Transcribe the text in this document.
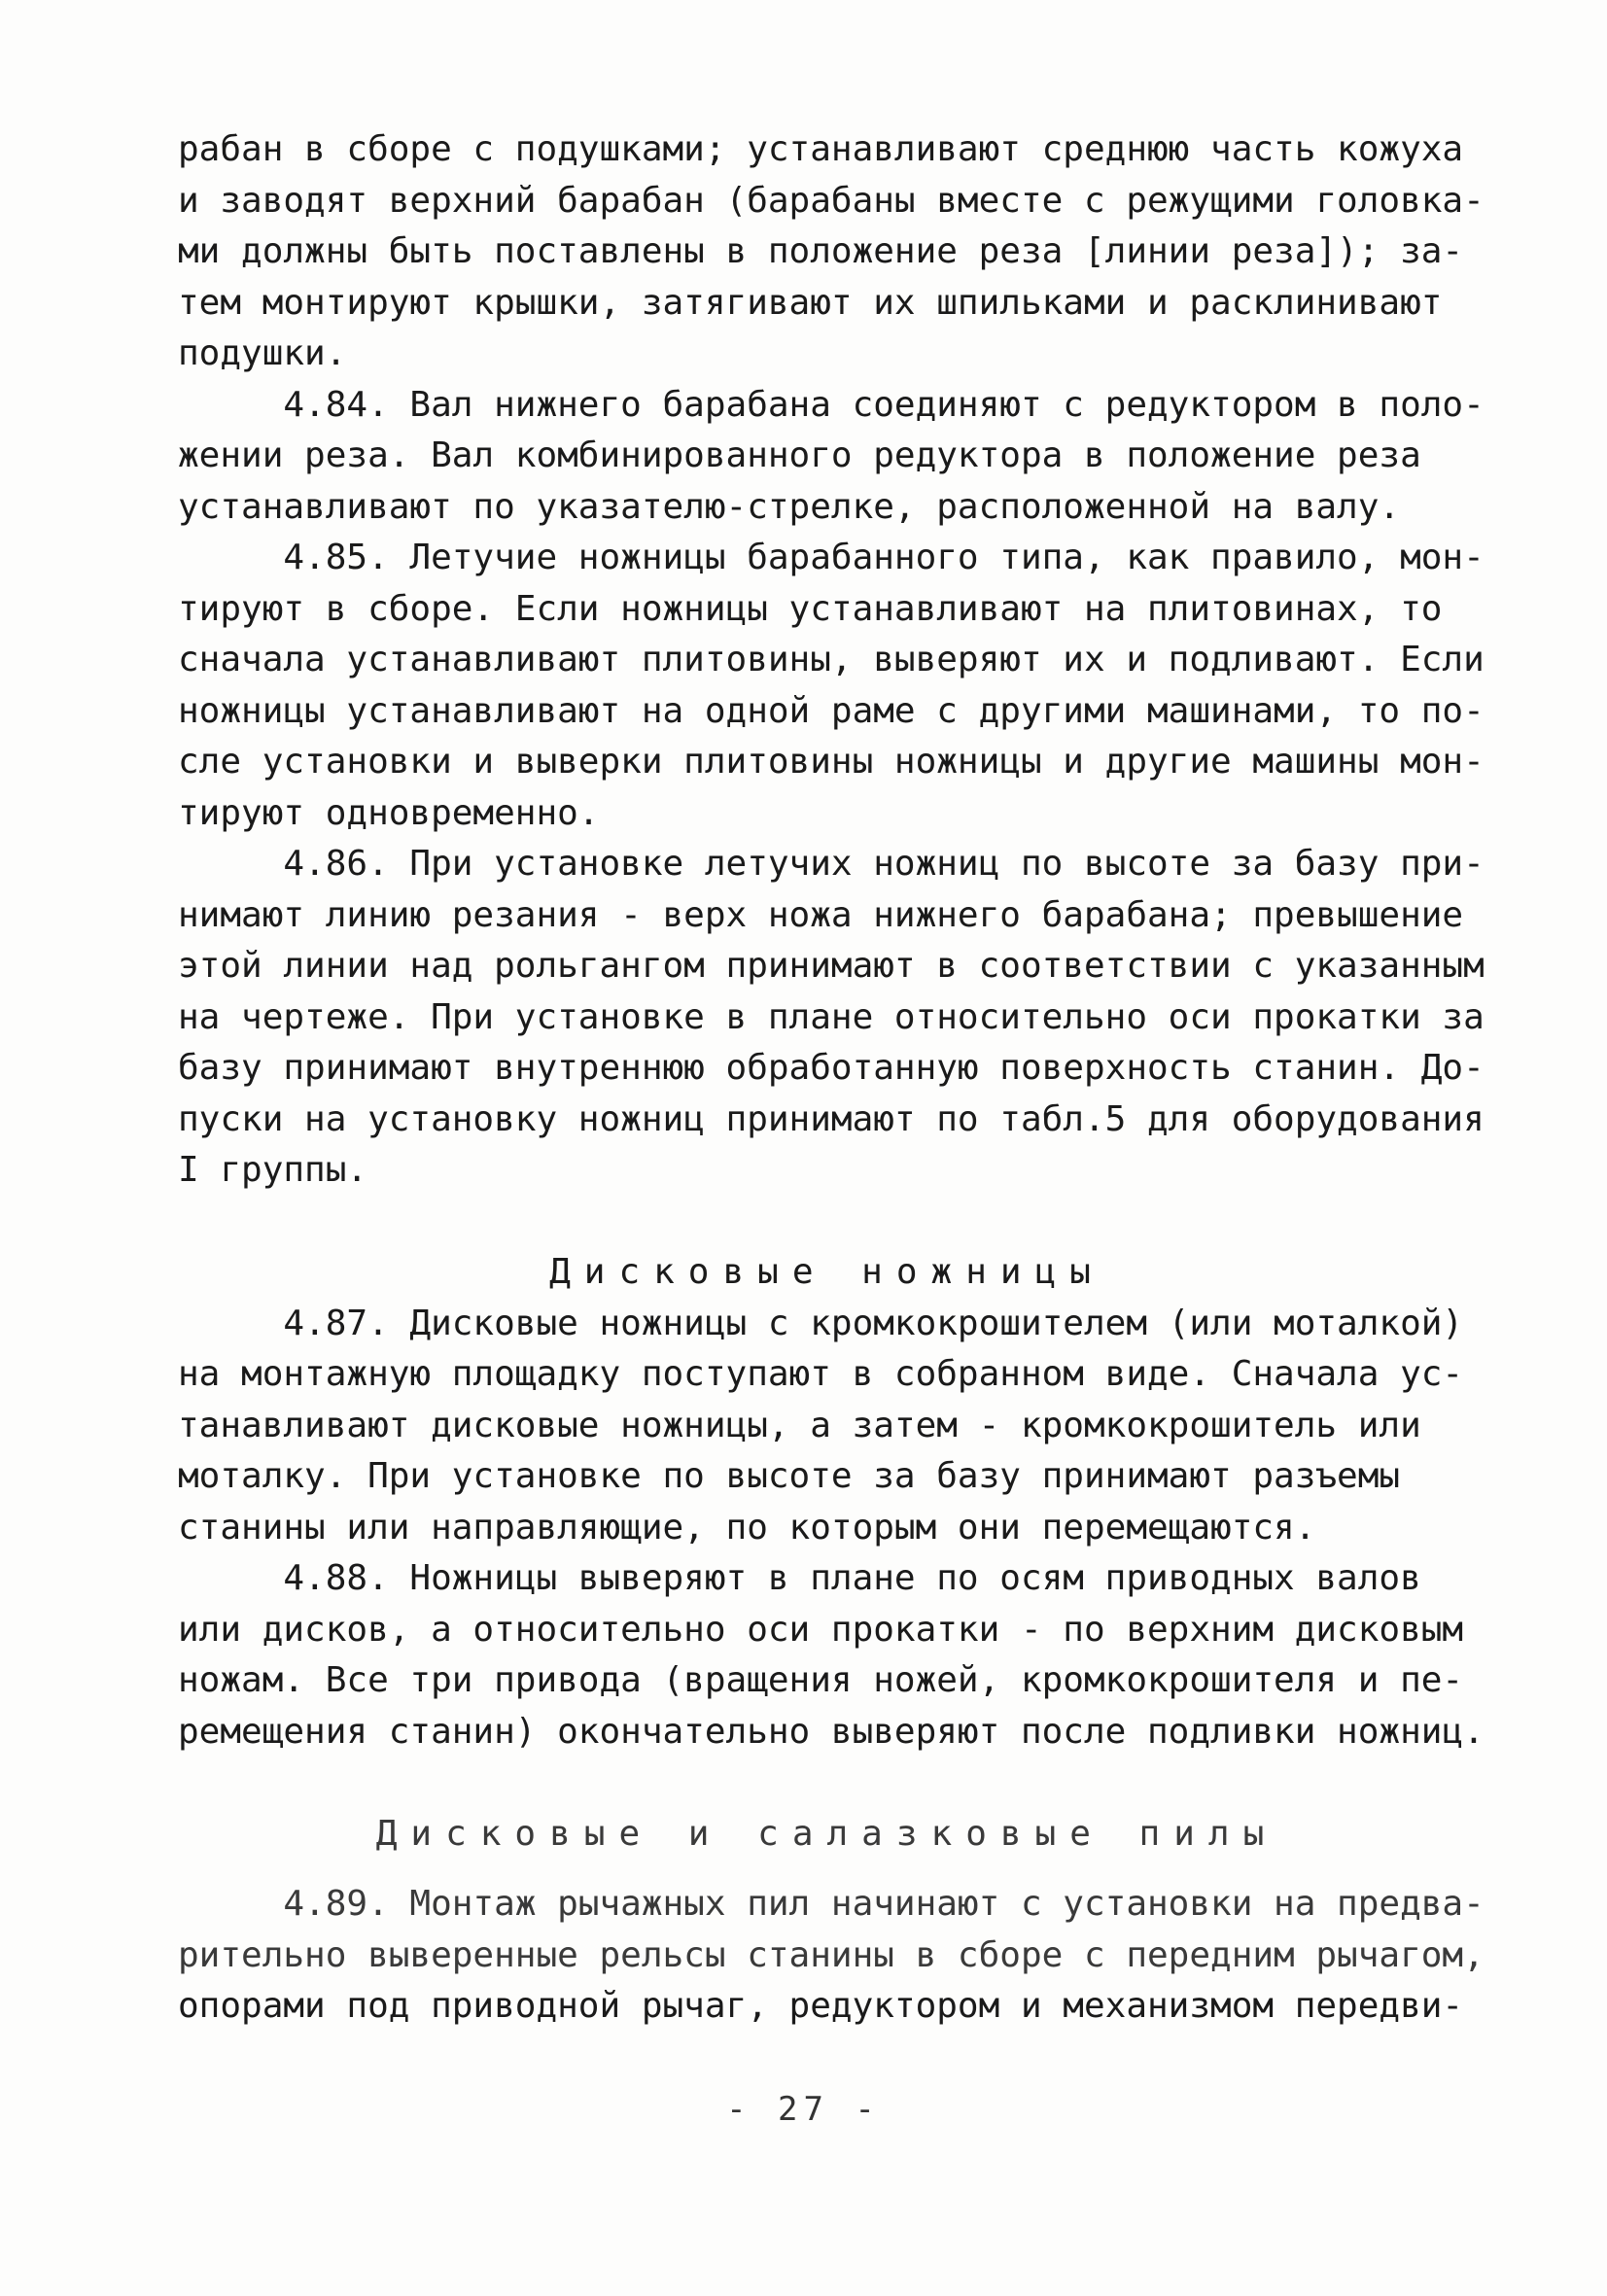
рабан в сборе с подушками; устанавливают среднюю часть кожуха
и заводят верхний барабан (барабаны вместе с режущими головка-
ми должны быть поставлены в положение реза [линии реза]); за-
тем монтируют крышки, затягивают их шпильками и расклинивают
подушки.
4.84. Вал нижнего барабана соединяют с редуктором в поло-
жении реза. Вал комбинированного редуктора в положение реза
устанавливают по указателю-стрелке, расположенной на валу.
4.85. Летучие ножницы барабанного типа, как правило, мон-
тируют в сборе. Если ножницы устанавливают на плитовинах, то
сначала устанавливают плитовины, выверяют их и подливают. Если
ножницы устанавливают на одной раме с другими машинами, то по-
сле установки и выверки плитовины ножницы и другие машины мон-
тируют одновременно.
4.86. При установке летучих ножниц по высоте за базу при-
нимают линию резания - верх ножа нижнего барабана; превышение
этой линии над рольгангом принимают в соответствии с указанным
на чертеже. При установке в плане относительно оси прокатки за
базу принимают внутреннюю обработанную поверхность станин. До-
пуски на установку ножниц принимают по табл.5 для оборудования
I группы.
Дисковые ножницы
4.87. Дисковые ножницы с кромкокрошителем (или моталкой)
на монтажную площадку поступают в собранном виде. Сначала ус-
танавливают дисковые ножницы, а затем - кромкокрошитель или
моталку. При установке по высоте за базу принимают разъемы
станины или направляющие, по которым они перемещаются.
4.88. Ножницы выверяют в плане по осям приводных валов
или дисков, а относительно оси прокатки - по верхним дисковым
ножам. Все три привода (вращения ножей, кромкокрошителя и пе-
ремещения станин) окончательно выверяют после подливки ножниц.
Дисковые и салазковые пилы
4.89. Монтаж рычажных пил начинают с установки на предва-
рительно выверенные рельсы станины в сборе с передним рычагом,
опорами под приводной рычаг, редуктором и механизмом передви-
- 27 -
